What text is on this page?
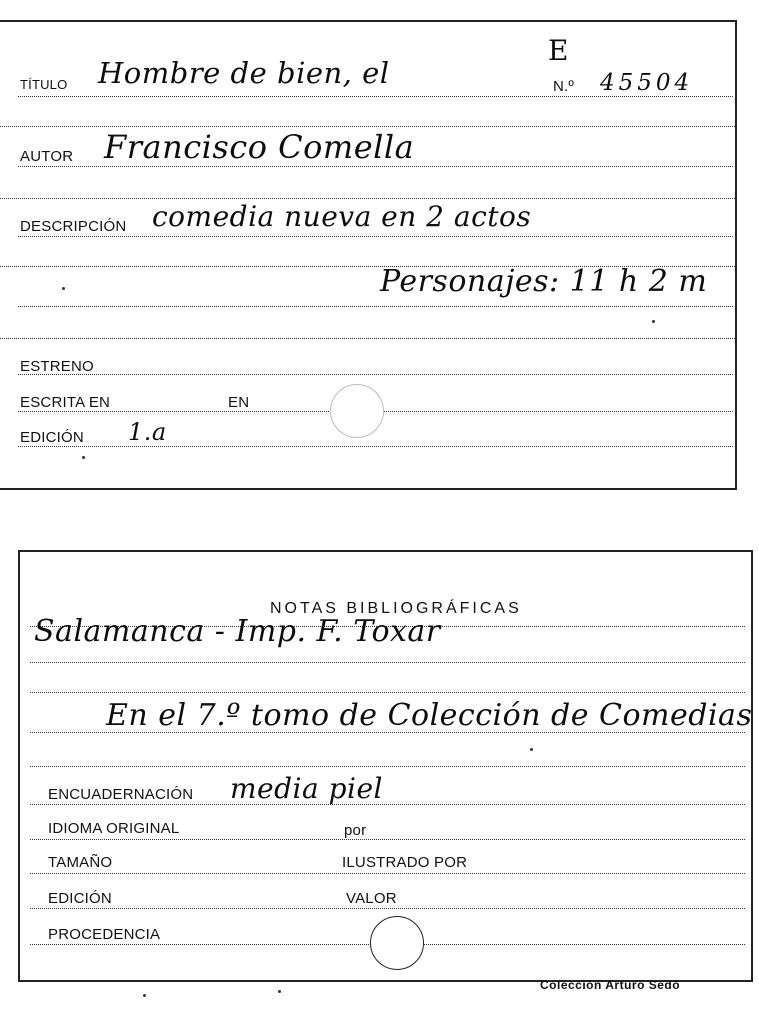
TÍTULO Hombre de bien, el
E
N.º 45504
AUTOR Francisco Comella
DESCRIPCIÓN comedia nueva en 2 actos
Personajes: 11 h 2 m
ESTRENO
ESCRITA EN	EN
EDICIÓN 1.a
NOTAS BIBLIOGRÁFICAS
Salamanca - Imp. F. Toxar
En el 7.º tomo de Colección de Comedias
ENCUADERNACIÓN media piel
IDIOMA ORIGINAL	por
TAMAÑO	ILUSTRADO POR
EDICIÓN	VALOR
PROCEDENCIA
Colección Arturo Sedó
